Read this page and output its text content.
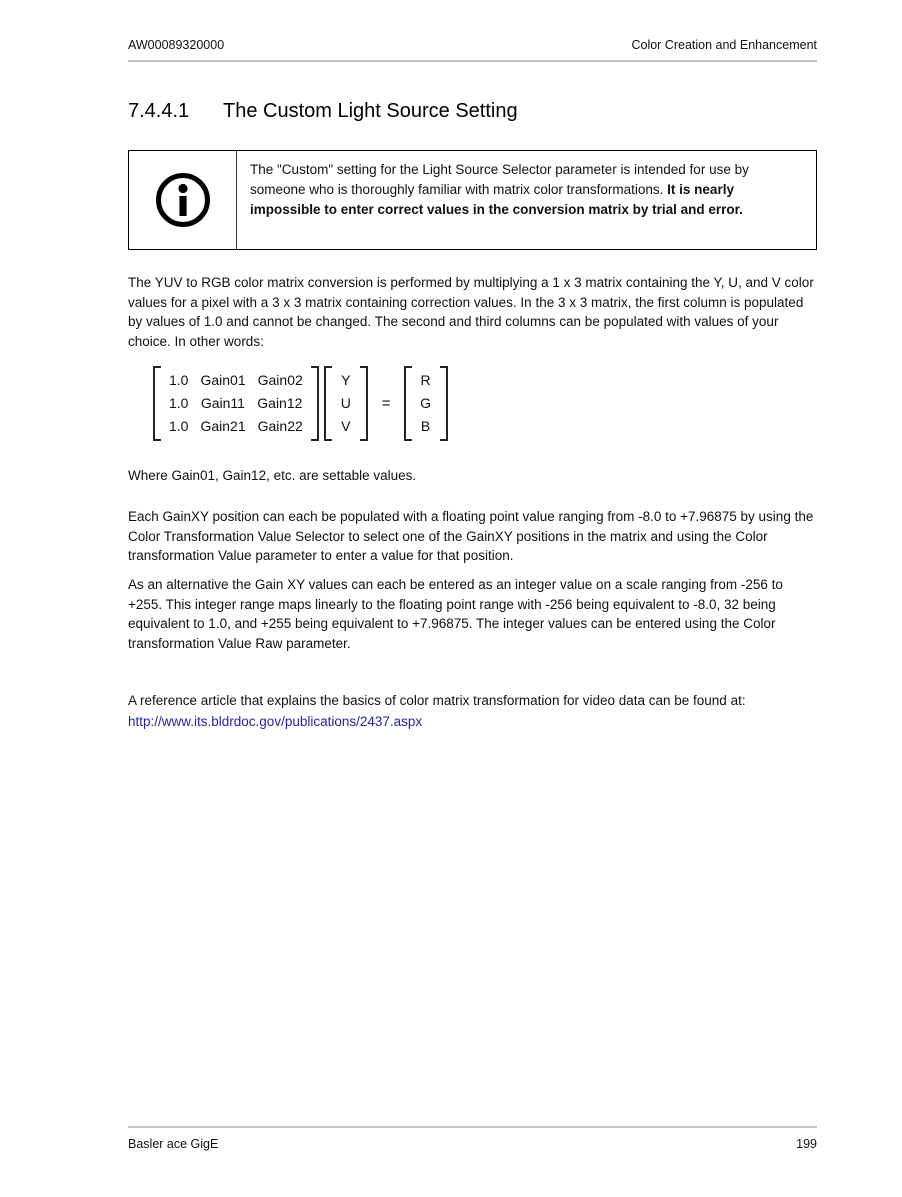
AW00089320000	Color Creation and Enhancement
7.4.4.1	The Custom Light Source Setting
The "Custom" setting for the Light Source Selector parameter is intended for use by someone who is thoroughly familiar with matrix color transformations. It is nearly impossible to enter correct values in the conversion matrix by trial and error.

The YUV to RGB color matrix conversion is performed by multiplying a 1 x 3 matrix containing the Y, U, and V color values for a pixel with a 3 x 3 matrix containing correction values. In the 3 x 3 matrix, the first column is populated by values of 1.0 and cannot be changed. The second and third columns can be populated with values of your choice. In other words:

1.0 Gain01 Gain02
1.0 Gain11 Gain12
1.0 Gain21 Gain22
Y
U
V
=
R
G
B

Where Gain01, Gain12, etc. are settable values.

Each GainXY position can each be populated with a floating point value ranging from -8.0 to +7.96875 by using the Color Transformation Value Selector to select one of the GainXY positions in the matrix and using the Color transformation Value parameter to enter a value for that position.

As an alternative the Gain XY values can each be entered as an integer value on a scale ranging from -256 to +255. This integer range maps linearly to the floating point range with -256 being equivalent to -8.0, 32 being equivalent to 1.0, and +255 being equivalent to +7.96875. The integer values can be entered using the Color transformation Value Raw parameter.

A reference article that explains the basics of color matrix transformation for video data can be found at:
http://www.its.bldrdoc.gov/publications/2437.aspx
Basler ace GigE	199
